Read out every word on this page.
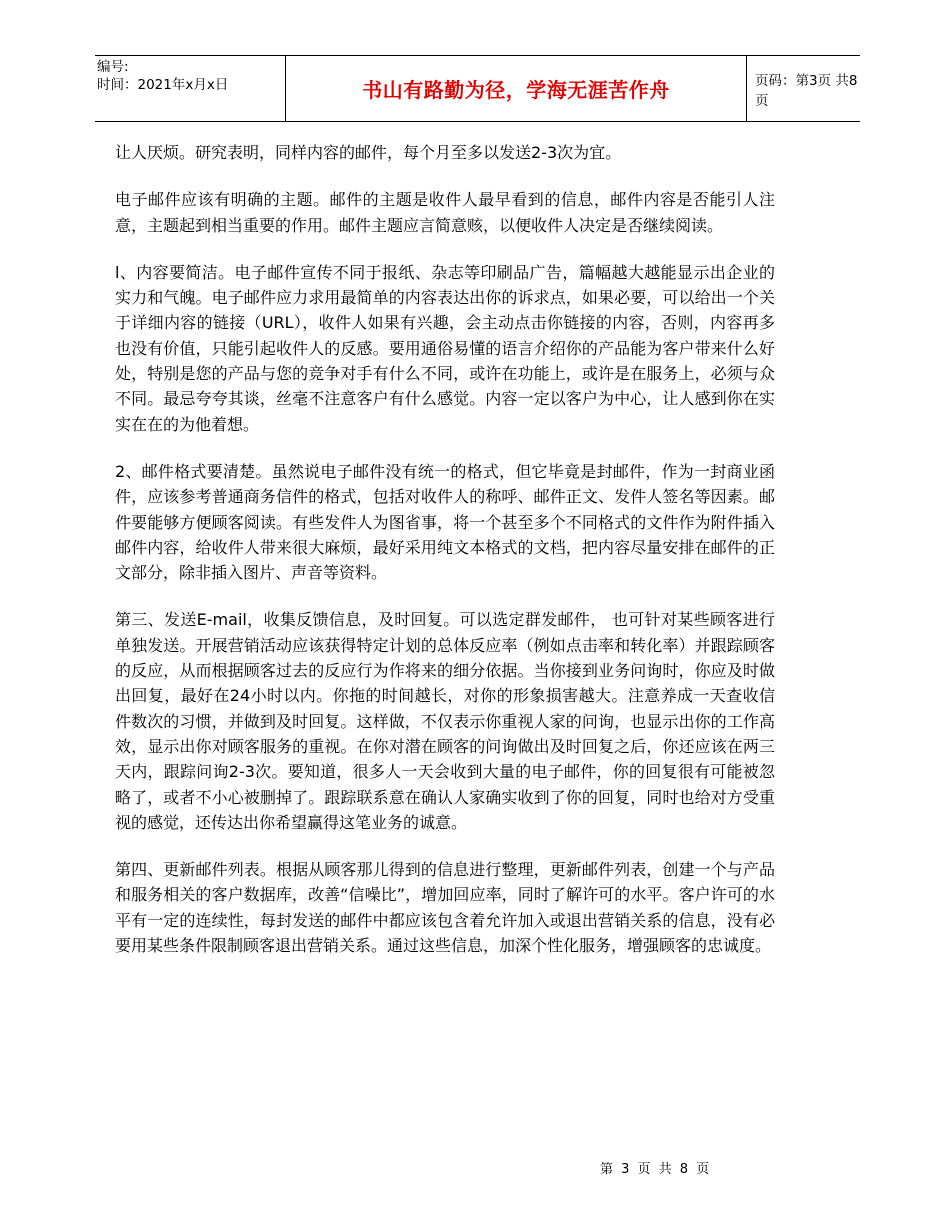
编号:
时间：2021年x月x日	书山有路勤为径，学海无涯苦作舟	页码：第3页 共8页

让人厌烦。研究表明，同样内容的邮件，每个月至多以发送2-3次为宜。

电子邮件应该有明确的主题。邮件的主题是收件人最早看到的信息，邮件内容是否能引人注意，主题起到相当重要的作用。邮件主题应言简意赅，以便收件人决定是否继续阅读。

l、内容要简洁。电子邮件宣传不同于报纸、杂志等印刷品广告，篇幅越大越能显示出企业的实力和气魄。电子邮件应力求用最简单的内容表达出你的诉求点，如果必要，可以给出一个关于详细内容的链接（URL），收件人如果有兴趣，会主动点击你链接的内容，否则，内容再多也没有价值，只能引起收件人的反感。要用通俗易懂的语言介绍你的产品能为客户带来什么好处，特别是您的产品与您的竞争对手有什么不同，或许在功能上，或许是在服务上，必须与众不同。最忌夸夸其谈，丝毫不注意客户有什么感觉。内容一定以客户为中心，让人感到你在实实在在的为他着想。

2、邮件格式要清楚。虽然说电子邮件没有统一的格式，但它毕竟是封邮件，作为一封商业函件，应该参考普通商务信件的格式，包括对收件人的称呼、邮件正文、发件人签名等因素。邮件要能够方便顾客阅读。有些发件人为图省事，将一个甚至多个不同格式的文件作为附件插入邮件内容，给收件人带来很大麻烦，最好采用纯文本格式的文档，把内容尽量安排在邮件的正文部分，除非插入图片、声音等资料。

第三、发送E-mail，收集反馈信息，及时回复。可以选定群发邮件， 也可针对某些顾客进行单独发送。开展营销活动应该获得特定计划的总体反应率（例如点击率和转化率）并跟踪顾客的反应，从而根据顾客过去的反应行为作将来的细分依据。当你接到业务问询时，你应及时做出回复，最好在24小时以内。你拖的时间越长，对你的形象损害越大。注意养成一天查收信件数次的习惯，并做到及时回复。这样做，不仅表示你重视人家的问询，也显示出你的工作高效，显示出你对顾客服务的重视。在你对潜在顾客的问询做出及时回复之后，你还应该在两三天内，跟踪问询2-3次。要知道，很多人一天会收到大量的电子邮件，你的回复很有可能被忽略了，或者不小心被删掉了。跟踪联系意在确认人家确实收到了你的回复，同时也给对方受重视的感觉，还传达出你希望赢得这笔业务的诚意。

第四、更新邮件列表。根据从顾客那儿得到的信息进行整理，更新邮件列表，创建一个与产品和服务相关的客户数据库，改善“信噪比”，增加回应率，同时了解许可的水平。客户许可的水平有一定的连续性，每封发送的邮件中都应该包含着允许加入或退出营销关系的信息，没有必要用某些条件限制顾客退出营销关系。通过这些信息，加深个性化服务，增强顾客的忠诚度。

第 3 页 共 8 页
